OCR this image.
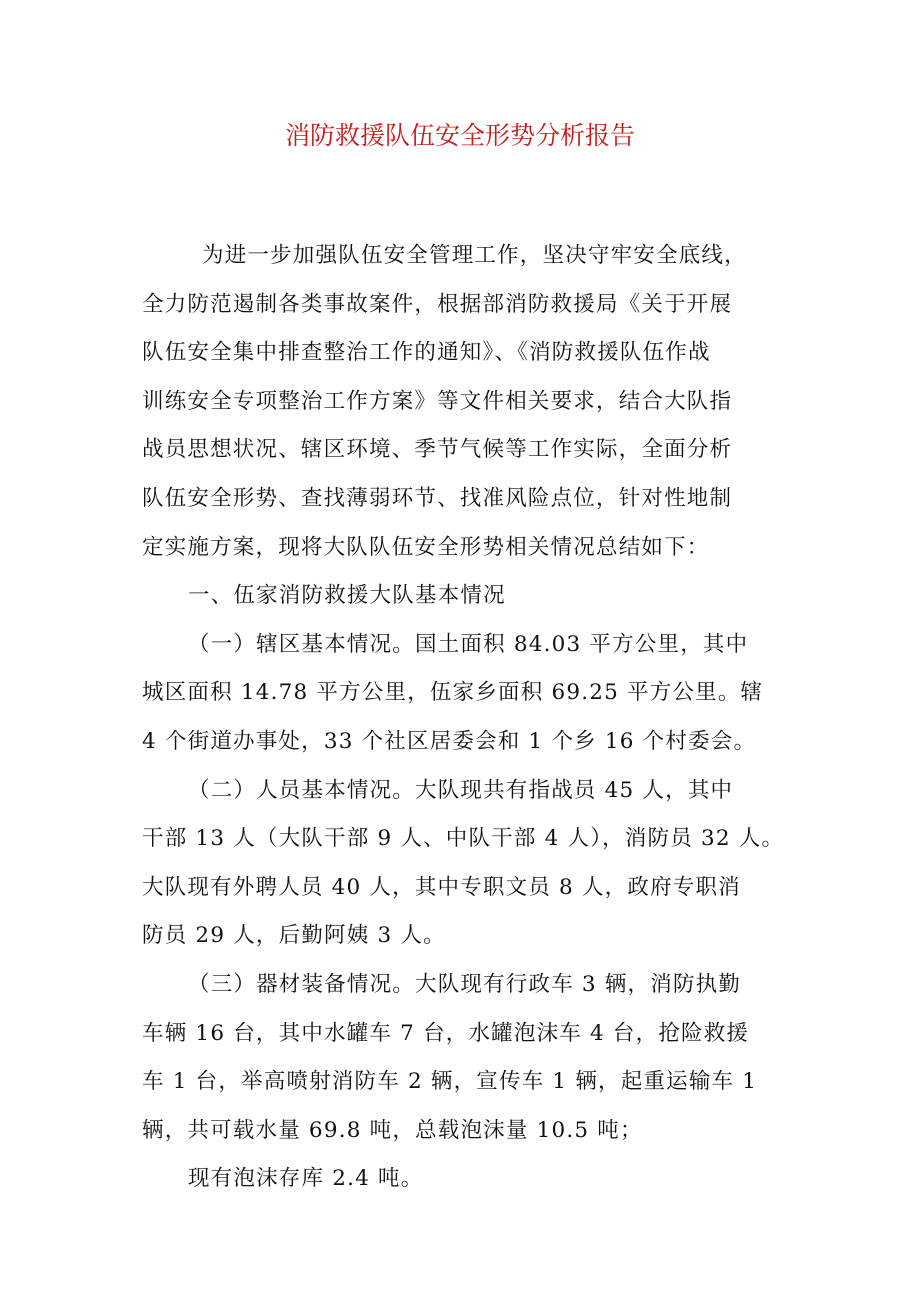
消防救援队伍安全形势分析报告
为进一步加强队伍安全管理工作，坚决守牢安全底线，
全力防范遏制各类事故案件，根据部消防救援局《关于开展
队伍安全集中排查整治工作的通知》、《消防救援队伍作战
训练安全专项整治工作方案》等文件相关要求，结合大队指
战员思想状况、辖区环境、季节气候等工作实际，全面分析
队伍安全形势、查找薄弱环节、找准风险点位，针对性地制
定实施方案，现将大队队伍安全形势相关情况总结如下：
一、伍家消防救援大队基本情况
（一）辖区基本情况。国土面积 84.03 平方公里，其中
城区面积 14.78 平方公里，伍家乡面积 69.25 平方公里。辖
4 个街道办事处，33 个社区居委会和 1 个乡 16 个村委会。
（二）人员基本情况。大队现共有指战员 45 人，其中
干部 13 人（大队干部 9 人、中队干部 4 人），消防员 32 人。
大队现有外聘人员 40 人，其中专职文员 8 人，政府专职消
防员 29 人，后勤阿姨 3 人。
（三）器材装备情况。大队现有行政车 3 辆，消防执勤
车辆 16 台，其中水罐车 7 台，水罐泡沫车 4 台，抢险救援
车 1 台，举高喷射消防车 2 辆，宣传车 1 辆，起重运输车 1
辆，共可载水量 69.8 吨，总载泡沫量 10.5 吨；
现有泡沫存库 2.4 吨。
